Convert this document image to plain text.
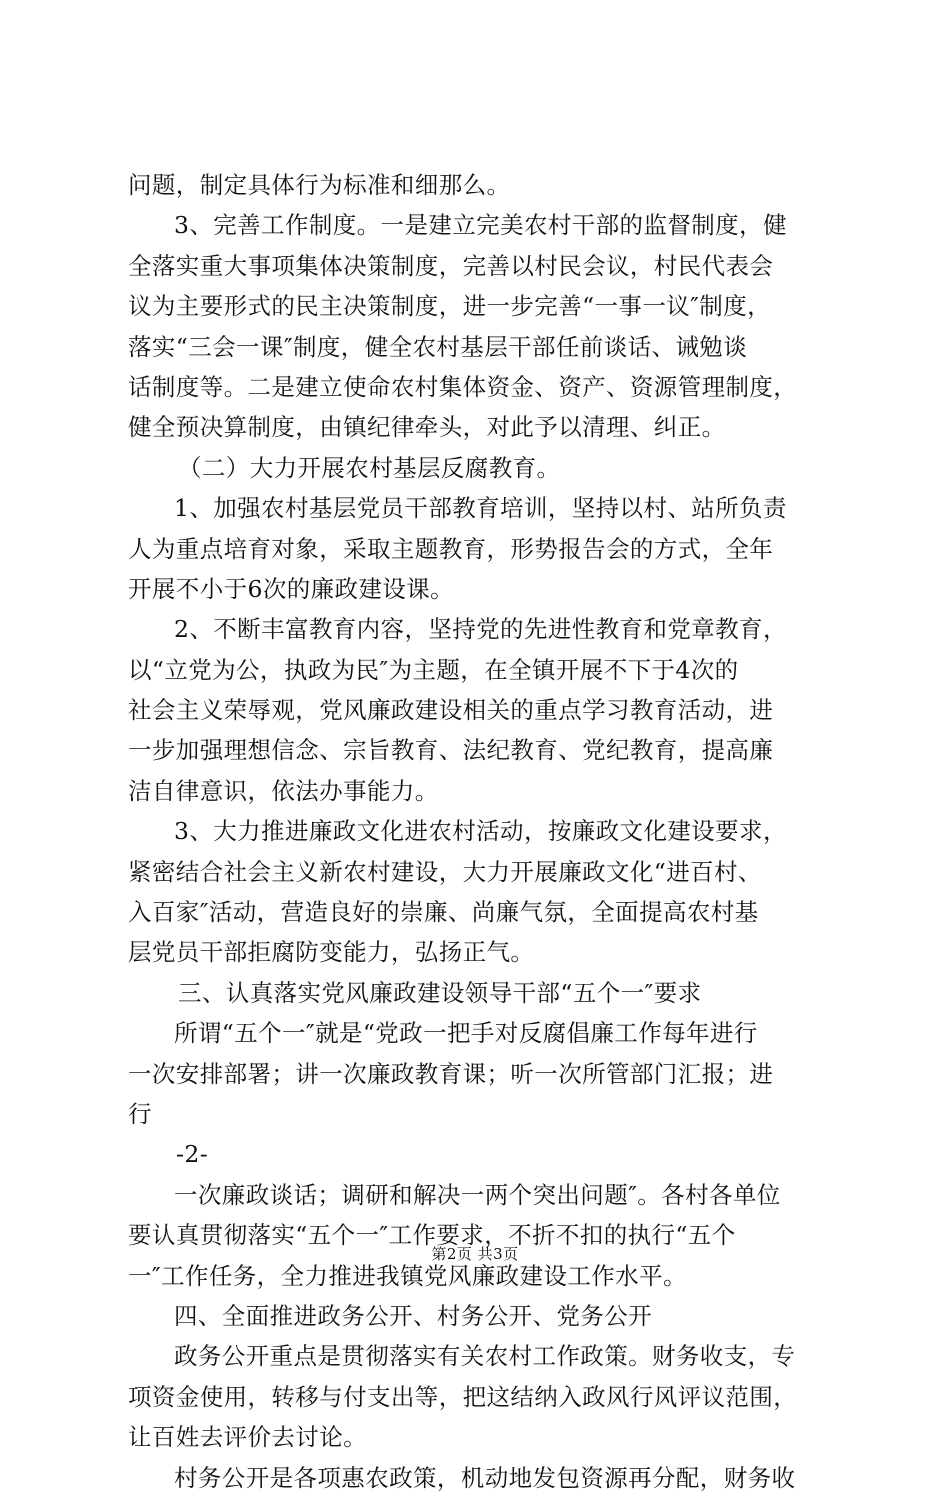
问题，制定具体行为标准和细那么。
3、完善工作制度。一是建立完美农村干部的监督制度，健
全落实重大事项集体决策制度，完善以村民会议，村民代表会
议为主要形式的民主决策制度，进一步完善“一事一议″制度，
落实“三会一课″制度，健全农村基层干部任前谈话、诫勉谈
话制度等。二是建立使命农村集体资金、资产、资源管理制度，
健全预决算制度，由镇纪律牵头，对此予以清理、纠正。
（二）大力开展农村基层反腐教育。
1、加强农村基层党员干部教育培训，坚持以村、站所负责
人为重点培育对象，采取主题教育，形势报告会的方式，全年
开展不小于6次的廉政建设课。
2、不断丰富教育内容，坚持党的先进性教育和党章教育，
以“立党为公，执政为民″为主题，在全镇开展不下于4次的
社会主义荣辱观，党风廉政建设相关的重点学习教育活动，进
一步加强理想信念、宗旨教育、法纪教育、党纪教育，提高廉
洁自律意识，依法办事能力。
3、大力推进廉政文化进农村活动，按廉政文化建设要求，
紧密结合社会主义新农村建设，大力开展廉政文化“进百村、
入百家″活动，营造良好的崇廉、尚廉气氛，全面提高农村基
层党员干部拒腐防变能力，弘扬正气。
三、认真落实党风廉政建设领导干部“五个一″要求
所谓“五个一″就是“党政一把手对反腐倡廉工作每年进行
一次安排部署；讲一次廉政教育课；听一次所管部门汇报；进
行
-2-
一次廉政谈话；调研和解决一两个突出问题″。各村各单位
要认真贯彻落实“五个一″工作要求，不折不扣的执行“五个
一″工作任务，全力推进我镇党风廉政建设工作水平。
四、全面推进政务公开、村务公开、党务公开
政务公开重点是贯彻落实有关农村工作政策。财务收支，专
项资金使用，转移与付支出等，把这结纳入政风行风评议范围，
让百姓去评价去讨论。
村务公开是各项惠农政策，机动地发包资源再分配，财务收
第2页 共3页
